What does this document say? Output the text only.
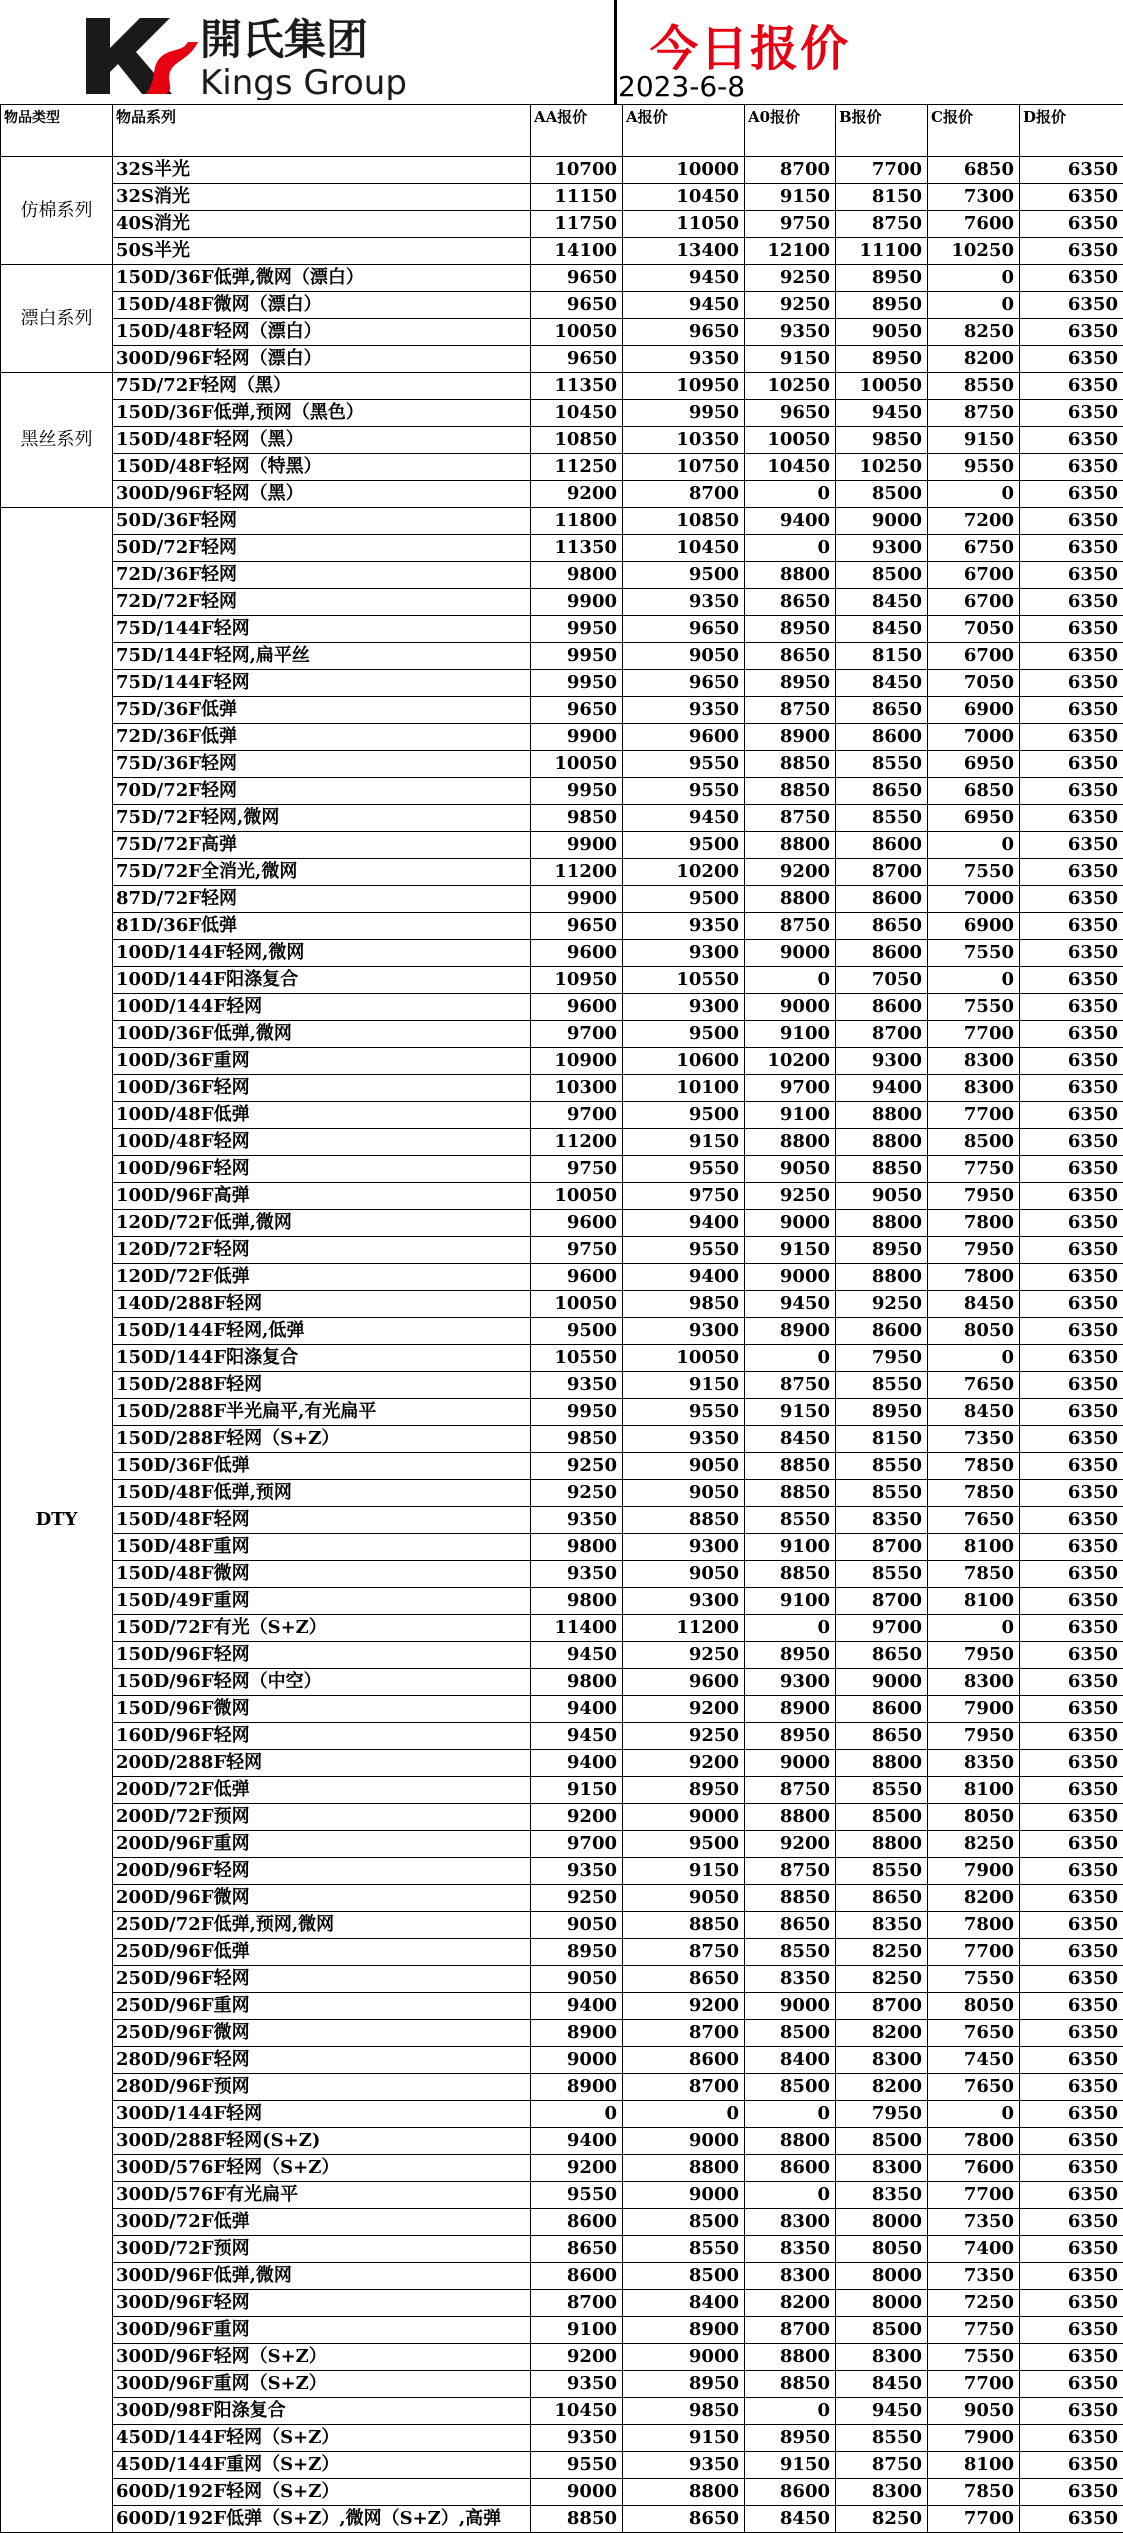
開氏集团
Kings Group
今日报价
2023-6-8
物品类型	物品系列	AA报价	A报价	A0报价	B报价	C报价	D报价
仿棉系列	32S半光	10700	10000	8700	7700	6850	6350
	32S消光	11150	10450	9150	8150	7300	6350
	40S消光	11750	11050	9750	8750	7600	6350
	50S半光	14100	13400	12100	11100	10250	6350
漂白系列	150D/36F低弹,微网（漂白）	9650	9450	9250	8950	0	6350
	150D/48F微网（漂白）	9650	9450	9250	8950	0	6350
	150D/48F轻网（漂白）	10050	9650	9350	9050	8250	6350
	300D/96F轻网（漂白）	9650	9350	9150	8950	8200	6350
黑丝系列	75D/72F轻网（黑）	11350	10950	10250	10050	8550	6350
	150D/36F低弹,预网（黑色）	10450	9950	9650	9450	8750	6350
	150D/48F轻网（黑）	10850	10350	10050	9850	9150	6350
	150D/48F轻网（特黑）	11250	10750	10450	10250	9550	6350
	300D/96F轻网（黑）	9200	8700	0	8500	0	6350
DTY	50D/36F轻网	11800	10850	9400	9000	7200	6350
	50D/72F轻网	11350	10450	0	9300	6750	6350
	72D/36F轻网	9800	9500	8800	8500	6700	6350
	72D/72F轻网	9900	9350	8650	8450	6700	6350
	75D/144F轻网	9950	9650	8950	8450	7050	6350
	75D/144F轻网,扁平丝	9950	9050	8650	8150	6700	6350
	75D/144F轻网	9950	9650	8950	8450	7050	6350
	75D/36F低弹	9650	9350	8750	8650	6900	6350
	72D/36F低弹	9900	9600	8900	8600	7000	6350
	75D/36F轻网	10050	9550	8850	8550	6950	6350
	70D/72F轻网	9950	9550	8850	8650	6850	6350
	75D/72F轻网,微网	9850	9450	8750	8550	6950	6350
	75D/72F高弹	9900	9500	8800	8600	0	6350
	75D/72F全消光,微网	11200	10200	9200	8700	7550	6350
	87D/72F轻网	9900	9500	8800	8600	7000	6350
	81D/36F低弹	9650	9350	8750	8650	6900	6350
	100D/144F轻网,微网	9600	9300	9000	8600	7550	6350
	100D/144F阳涤复合	10950	10550	0	7050	0	6350
	100D/144F轻网	9600	9300	9000	8600	7550	6350
	100D/36F低弹,微网	9700	9500	9100	8700	7700	6350
	100D/36F重网	10900	10600	10200	9300	8300	6350
	100D/36F轻网	10300	10100	9700	9400	8300	6350
	100D/48F低弹	9700	9500	9100	8800	7700	6350
	100D/48F轻网	11200	9150	8800	8800	8500	6350
	100D/96F轻网	9750	9550	9050	8850	7750	6350
	100D/96F高弹	10050	9750	9250	9050	7950	6350
	120D/72F低弹,微网	9600	9400	9000	8800	7800	6350
	120D/72F轻网	9750	9550	9150	8950	7950	6350
	120D/72F低弹	9600	9400	9000	8800	7800	6350
	140D/288F轻网	10050	9850	9450	9250	8450	6350
	150D/144F轻网,低弹	9500	9300	8900	8600	8050	6350
	150D/144F阳涤复合	10550	10050	0	7950	0	6350
	150D/288F轻网	9350	9150	8750	8550	7650	6350
	150D/288F半光扁平,有光扁平	9950	9550	9150	8950	8450	6350
	150D/288F轻网（S+Z）	9850	9350	8450	8150	7350	6350
	150D/36F低弹	9250	9050	8850	8550	7850	6350
	150D/48F低弹,预网	9250	9050	8850	8550	7850	6350
	150D/48F轻网	9350	8850	8550	8350	7650	6350
	150D/48F重网	9800	9300	9100	8700	8100	6350
	150D/48F微网	9350	9050	8850	8550	7850	6350
	150D/49F重网	9800	9300	9100	8700	8100	6350
	150D/72F有光（S+Z）	11400	11200	0	9700	0	6350
	150D/96F轻网	9450	9250	8950	8650	7950	6350
	150D/96F轻网（中空）	9800	9600	9300	9000	8300	6350
	150D/96F微网	9400	9200	8900	8600	7900	6350
	160D/96F轻网	9450	9250	8950	8650	7950	6350
	200D/288F轻网	9400	9200	9000	8800	8350	6350
	200D/72F低弹	9150	8950	8750	8550	8100	6350
	200D/72F预网	9200	9000	8800	8500	8050	6350
	200D/96F重网	9700	9500	9200	8800	8250	6350
	200D/96F轻网	9350	9150	8750	8550	7900	6350
	200D/96F微网	9250	9050	8850	8650	8200	6350
	250D/72F低弹,预网,微网	9050	8850	8650	8350	7800	6350
	250D/96F低弹	8950	8750	8550	8250	7700	6350
	250D/96F轻网	9050	8650	8350	8250	7550	6350
	250D/96F重网	9400	9200	9000	8700	8050	6350
	250D/96F微网	8900	8700	8500	8200	7650	6350
	280D/96F轻网	9000	8600	8400	8300	7450	6350
	280D/96F预网	8900	8700	8500	8200	7650	6350
	300D/144F轻网	0	0	0	7950	0	6350
	300D/288F轻网(S+Z)	9400	9000	8800	8500	7800	6350
	300D/576F轻网（S+Z）	9200	8800	8600	8300	7600	6350
	300D/576F有光扁平	9550	9000	0	8350	7700	6350
	300D/72F低弹	8600	8500	8300	8000	7350	6350
	300D/72F预网	8650	8550	8350	8050	7400	6350
	300D/96F低弹,微网	8600	8500	8300	8000	7350	6350
	300D/96F轻网	8700	8400	8200	8000	7250	6350
	300D/96F重网	9100	8900	8700	8500	7750	6350
	300D/96F轻网（S+Z）	9200	9000	8800	8300	7550	6350
	300D/96F重网（S+Z）	9350	8950	8850	8450	7700	6350
	300D/98F阳涤复合	10450	9850	0	9450	9050	6350
	450D/144F轻网（S+Z）	9350	9150	8950	8550	7900	6350
	450D/144F重网（S+Z）	9550	9350	9150	8750	8100	6350
	600D/192F轻网（S+Z）	9000	8800	8600	8300	7850	6350
	600D/192F低弹（S+Z）,微网（S+Z）,高弹	8850	8650	8450	8250	7700	6350
